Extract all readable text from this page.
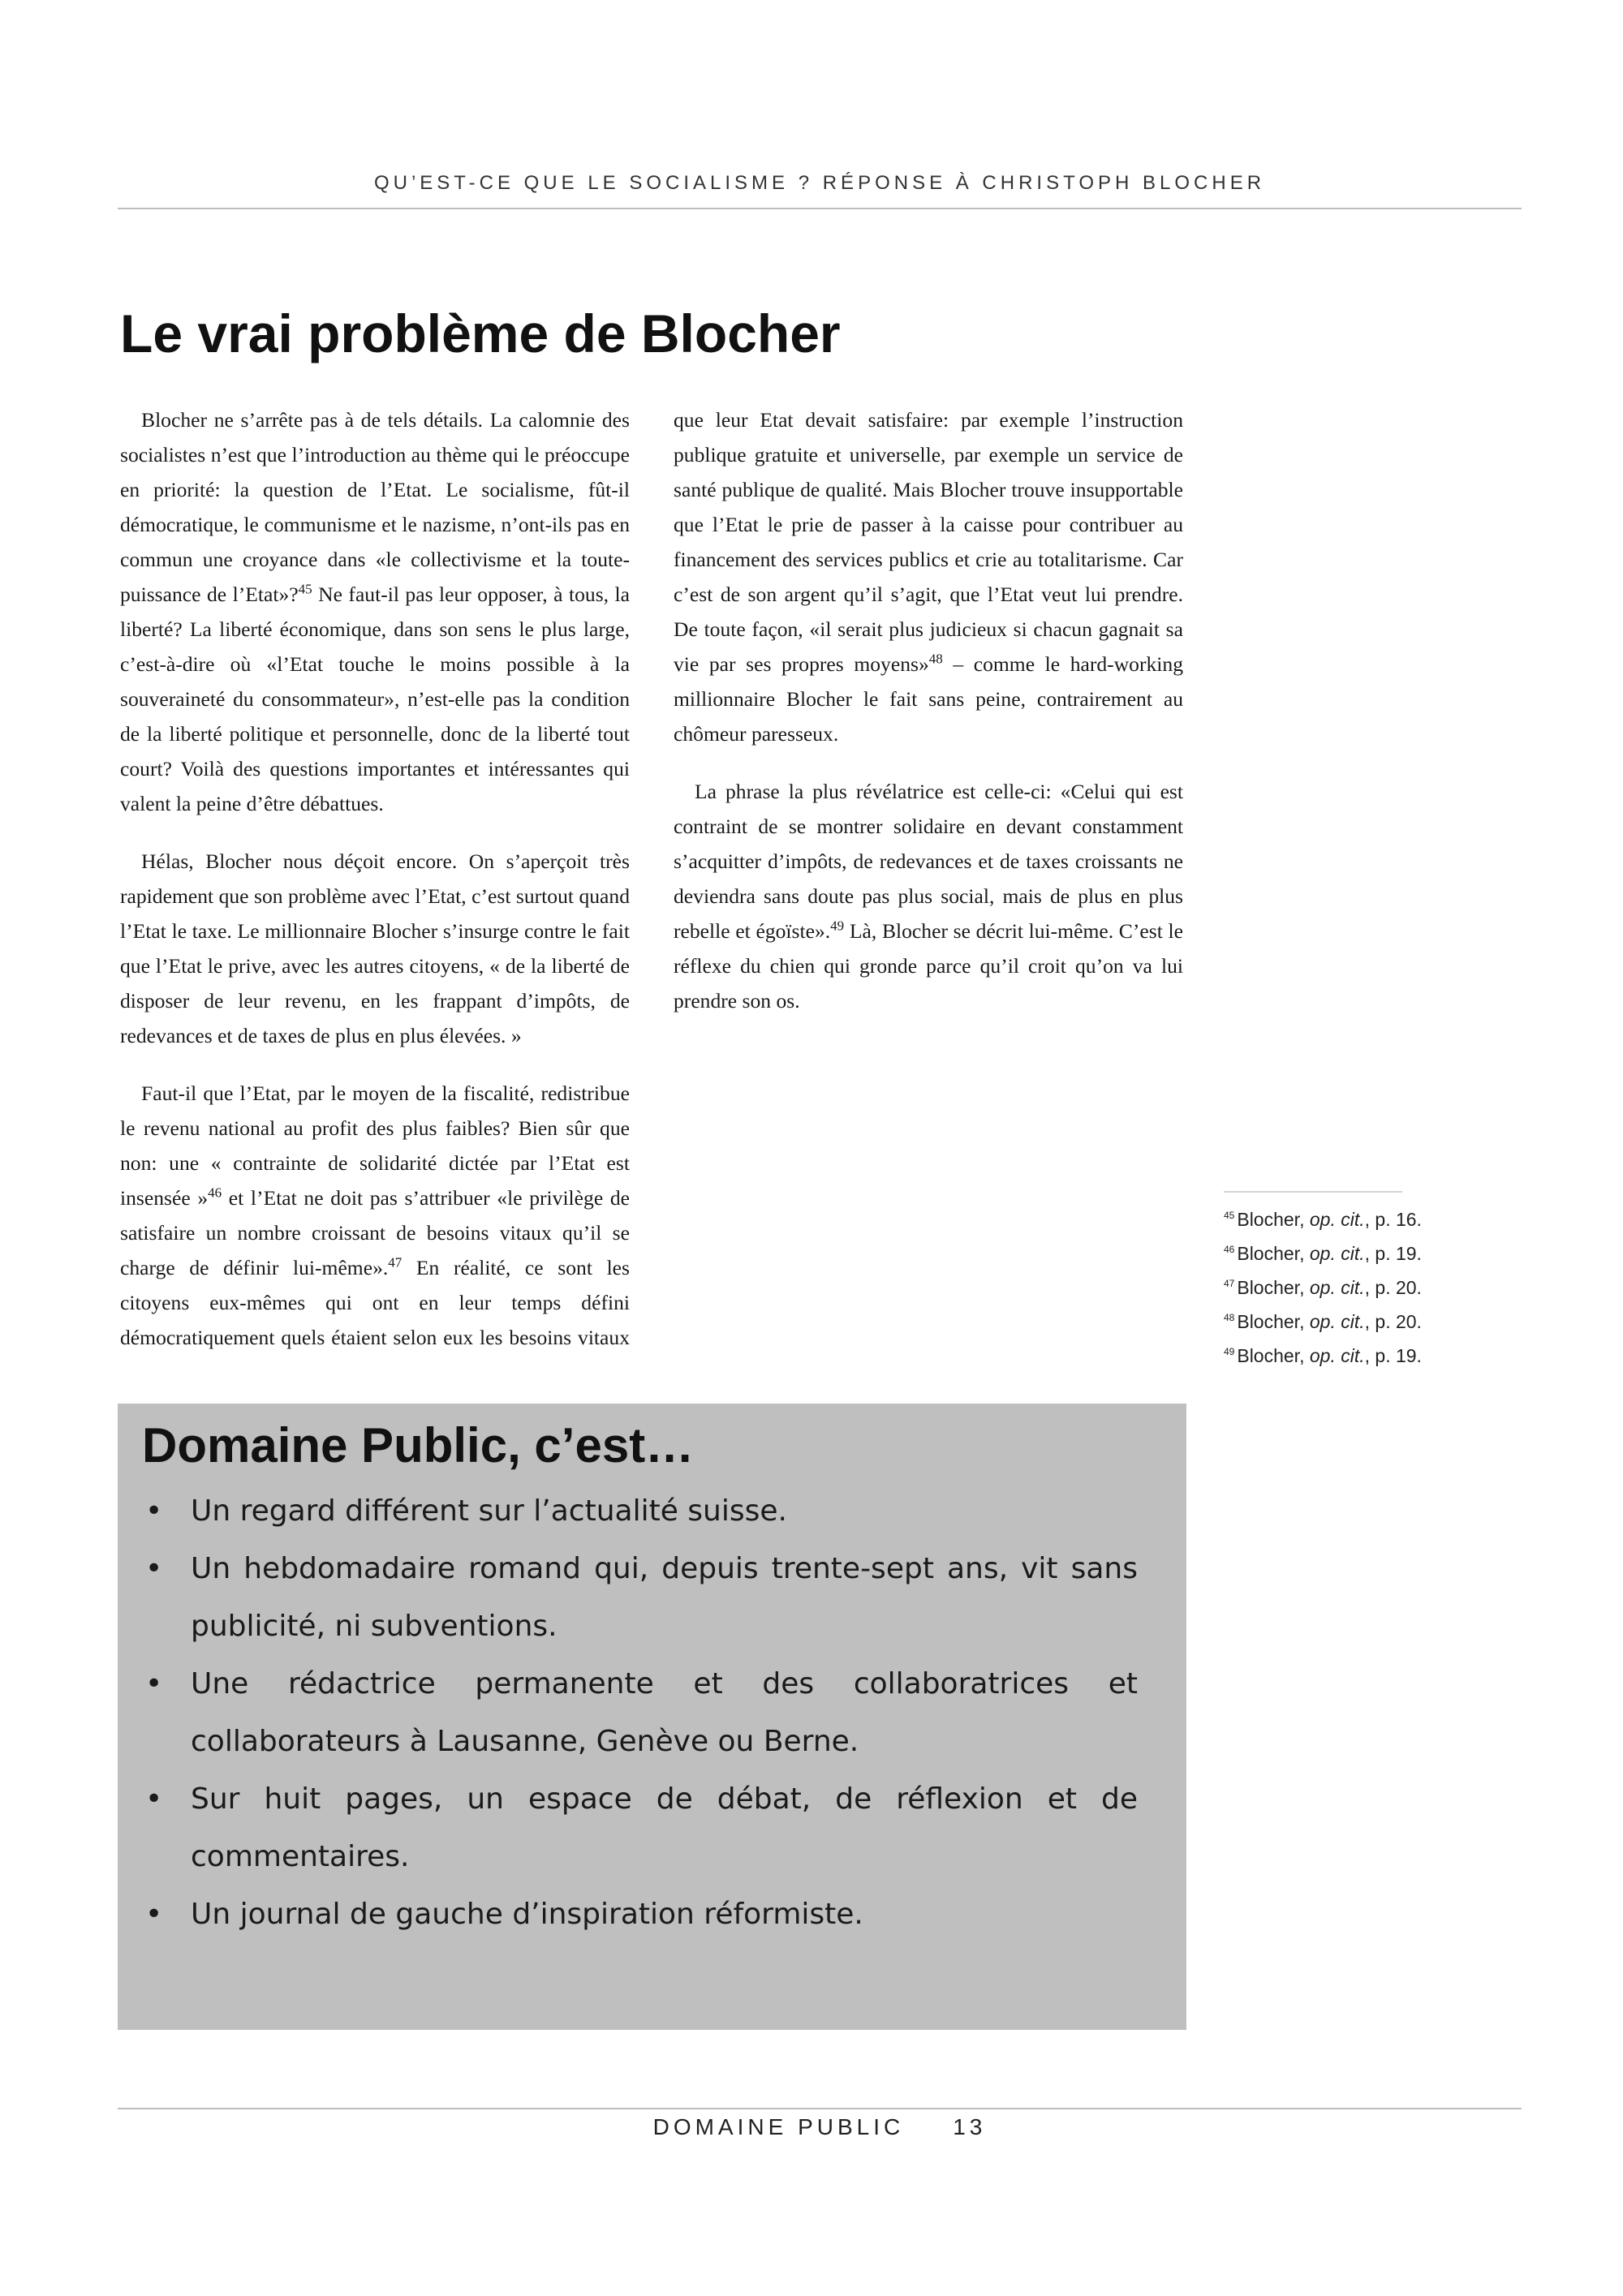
QU’EST-CE QUE LE SOCIALISME ? RÉPONSE À CHRISTOPH BLOCHER
Le vrai problème de Blocher

Blocher ne s’arrête pas à de tels détails. La calomnie des socialistes n’est que l’introduction au thème qui le préoccupe en priorité: la question de l’Etat. Le socialisme, fût-il démocratique, le communisme et le nazisme, n’ont-ils pas en commun une croyance dans «le collectivisme et la toute-puissance de l’Etat»?$^{45}$ Ne faut-il pas leur opposer, à tous, la liberté? La liberté économique, dans son sens le plus large, c’est-à-dire où «l’Etat touche le moins possible à la souveraineté du consommateur», n’est-elle pas la condition de la liberté politique et personnelle, donc de la liberté tout court? Voilà des questions importantes et intéressantes qui valent la peine d’être débattues.

Hélas, Blocher nous déçoit encore. On s’aperçoit très rapidement que son problème avec l’Etat, c’est surtout quand l’Etat le taxe. Le millionnaire Blocher s’insurge contre le fait que l’Etat le prive, avec les autres citoyens, « de la liberté de disposer de leur revenu, en les frappant d’impôts, de redevances et de taxes de plus en plus élevées. »

Faut-il que l’Etat, par le moyen de la fiscalité, redistribue le revenu national au profit des plus faibles? Bien sûr que non: une « contrainte de solidarité dictée par l’Etat est insensée »$^{46}$ et l’Etat ne doit pas s’attribuer «le privilège de satisfaire un nombre croissant de besoins vitaux qu’il se charge de définir lui-même».$^{47}$ En réalité, ce sont les citoyens eux-mêmes qui ont en leur temps défini démocratiquement quels étaient selon eux les besoins vitaux

que leur Etat devait satisfaire: par exemple l’instruction publique gratuite et universelle, par exemple un service de santé publique de qualité. Mais Blocher trouve insupportable que l’Etat le prie de passer à la caisse pour contribuer au financement des services publics et crie au totalitarisme. Car c’est de son argent qu’il s’agit, que l’Etat veut lui prendre. De toute façon, «il serait plus judicieux si chacun gagnait sa vie par ses propres moyens»$^{48}$ – comme le hard-working millionnaire Blocher le fait sans peine, contrairement au chômeur paresseux.

La phrase la plus révélatrice est celle-ci: «Celui qui est contraint de se montrer solidaire en devant constamment s’acquitter d’impôts, de redevances et de taxes croissants ne deviendra sans doute pas plus social, mais de plus en plus rebelle et égoïste».$^{49}$ Là, Blocher se décrit lui-même. C’est le réflexe du chien qui gronde parce qu’il croit qu’on va lui prendre son os.

$^{45}$ Blocher, op. cit., p. 16.
$^{46}$ Blocher, op. cit., p. 19.
$^{47}$ Blocher, op. cit., p. 20.
$^{48}$ Blocher, op. cit., p. 20.
$^{49}$ Blocher, op. cit., p. 19.
Domaine Public, c’est…
• Un regard différent sur l’actualité suisse.
• Un hebdomadaire romand qui, depuis trente-sept ans, vit sans publicité, ni subventions.
• Une rédactrice permanente et des collaboratrices et collaborateurs à Lausanne, Genève ou Berne.
• Sur huit pages, un espace de débat, de réflexion et de commentaires.
• Un journal de gauche d’inspiration réformiste.
DOMAINE PUBLIC 13
